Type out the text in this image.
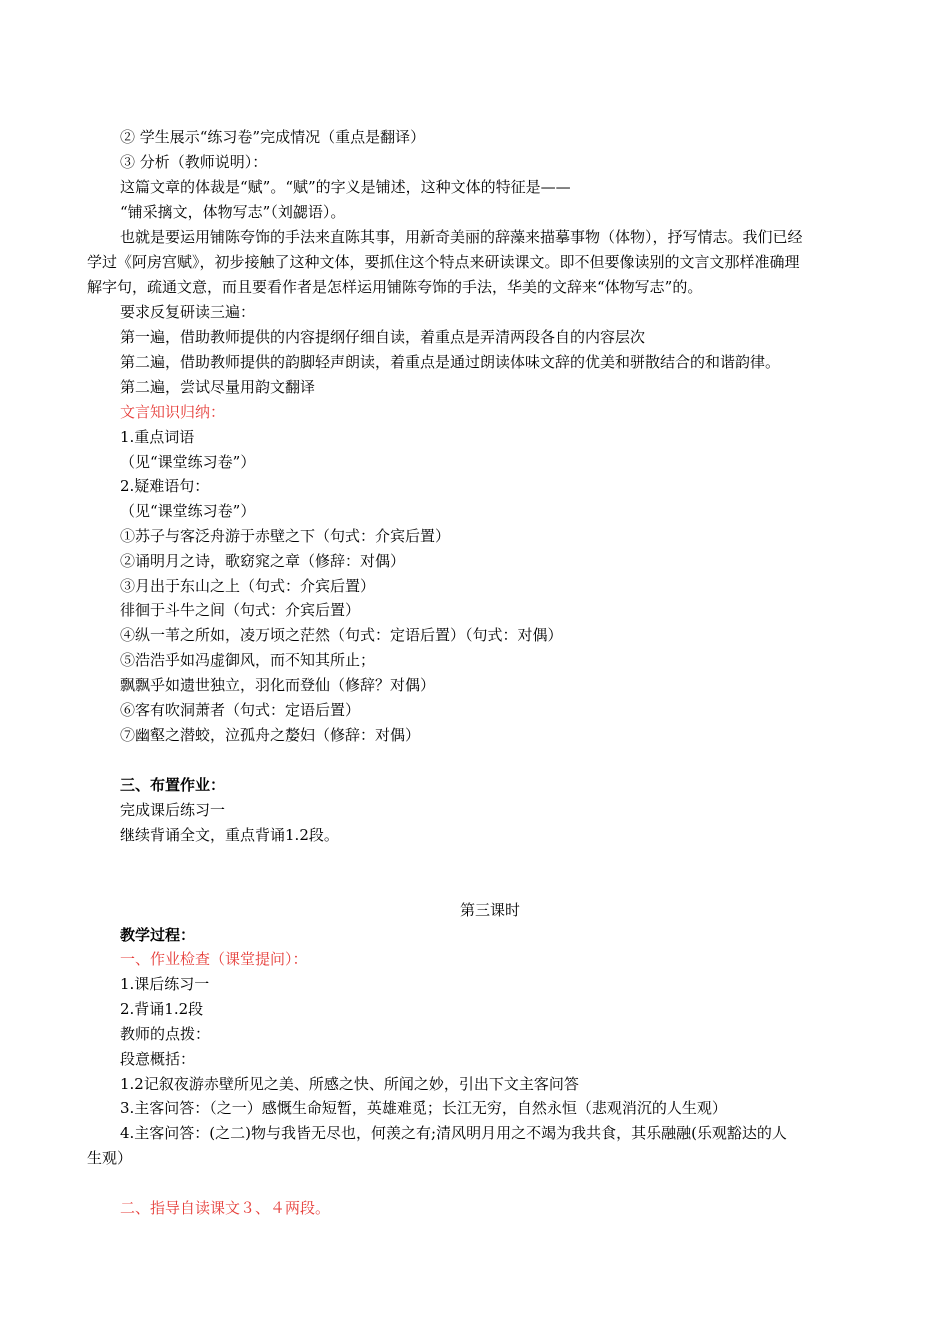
② 学生展示“练习卷”完成情况（重点是翻译）
③ 分析（教师说明）：
这篇文章的体裁是“赋”。“赋”的字义是铺述，这种文体的特征是——
“铺采摛文，体物写志”（刘勰语）。
也就是要运用铺陈夸饰的手法来直陈其事，用新奇美丽的辞藻来描摹事物（体物），抒写情志。我们已经
学过《阿房宫赋》，初步接触了这种文体，要抓住这个特点来研读课文。即不但要像读别的文言文那样准确理
解字句，疏通文意，而且要看作者是怎样运用铺陈夸饰的手法，华美的文辞来“体物写志”的。
要求反复研读三遍：
第一遍，借助教师提供的内容提纲仔细自读，着重点是弄清两段各自的内容层次
第二遍，借助教师提供的韵脚轻声朗读，着重点是通过朗读体味文辞的优美和骈散结合的和谐韵律。
第二遍，尝试尽量用韵文翻译
文言知识归纳：
1.重点词语
（见“课堂练习卷”）
2.疑难语句：
（见“课堂练习卷”）
①苏子与客泛舟游于赤壁之下（句式：介宾后置）
②诵明月之诗，歌窈窕之章（修辞：对偶）
③月出于东山之上（句式：介宾后置）
徘徊于斗牛之间（句式：介宾后置）
④纵一苇之所如，凌万顷之茫然（句式：定语后置）（句式：对偶）
⑤浩浩乎如冯虚御风，而不知其所止；
飘飘乎如遗世独立，羽化而登仙（修辞？对偶）
⑥客有吹洞萧者（句式：定语后置）
⑦幽壑之潜蛟，泣孤舟之嫠妇（修辞：对偶）
三、布置作业：
完成课后练习一
继续背诵全文，重点背诵1.2段。
第三课时
教学过程：
一、作业检查（课堂提问）：
1.课后练习一
2.背诵1.2段
教师的点拨：
段意概括：
1.2记叙夜游赤壁所见之美、所感之快、所闻之妙，引出下文主客问答
3.主客问答：（之一）感慨生命短暂，英雄难觅；长江无穷，自然永恒（悲观消沉的人生观）
4.主客问答：(之二)物与我皆无尽也，何羡之有;清风明月用之不竭为我共食，其乐融融(乐观豁达的人
生观）
二、指导自读课文３、４两段。
